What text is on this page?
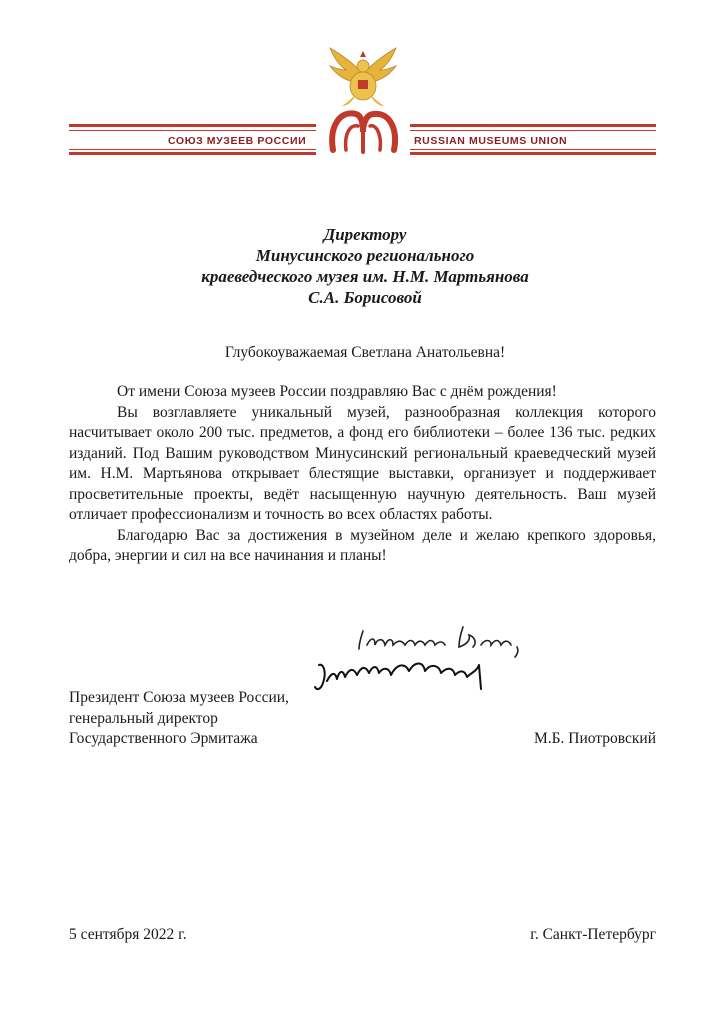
СОЮЗ МУЗЕЕВ РОССИИ	RUSSIAN MUSEUMS UNION
Директору
Минусинского регионального
краеведческого музея им. Н.М. Мартьянова
С.А. Борисовой
Глубокоуважаемая Светлана Анатольевна!

От имени Союза музеев России поздравляю Вас с днём рождения!

Вы возглавляете уникальный музей, разнообразная коллекция которого насчитывает около 200 тыс. предметов, а фонд его библиотеки – более 136 тыс. редких изданий. Под Вашим руководством Минусинский региональный краеведческий музей им. Н.М. Мартьянова открывает блестящие выставки, организует и поддерживает просветительные проекты, ведёт насыщенную научную деятельность. Ваш музей отличает профессионализм и точность во всех областях работы.

Благодарю Вас за достижения в музейном деле и желаю крепкого здоровья, добра, энергии и сил на все начинания и планы!

Президент Союза музеев России,
генеральный директор
Государственного Эрмитажа	М.Б. Пиотровский
5 сентября 2022 г.	г. Санкт-Петербург
